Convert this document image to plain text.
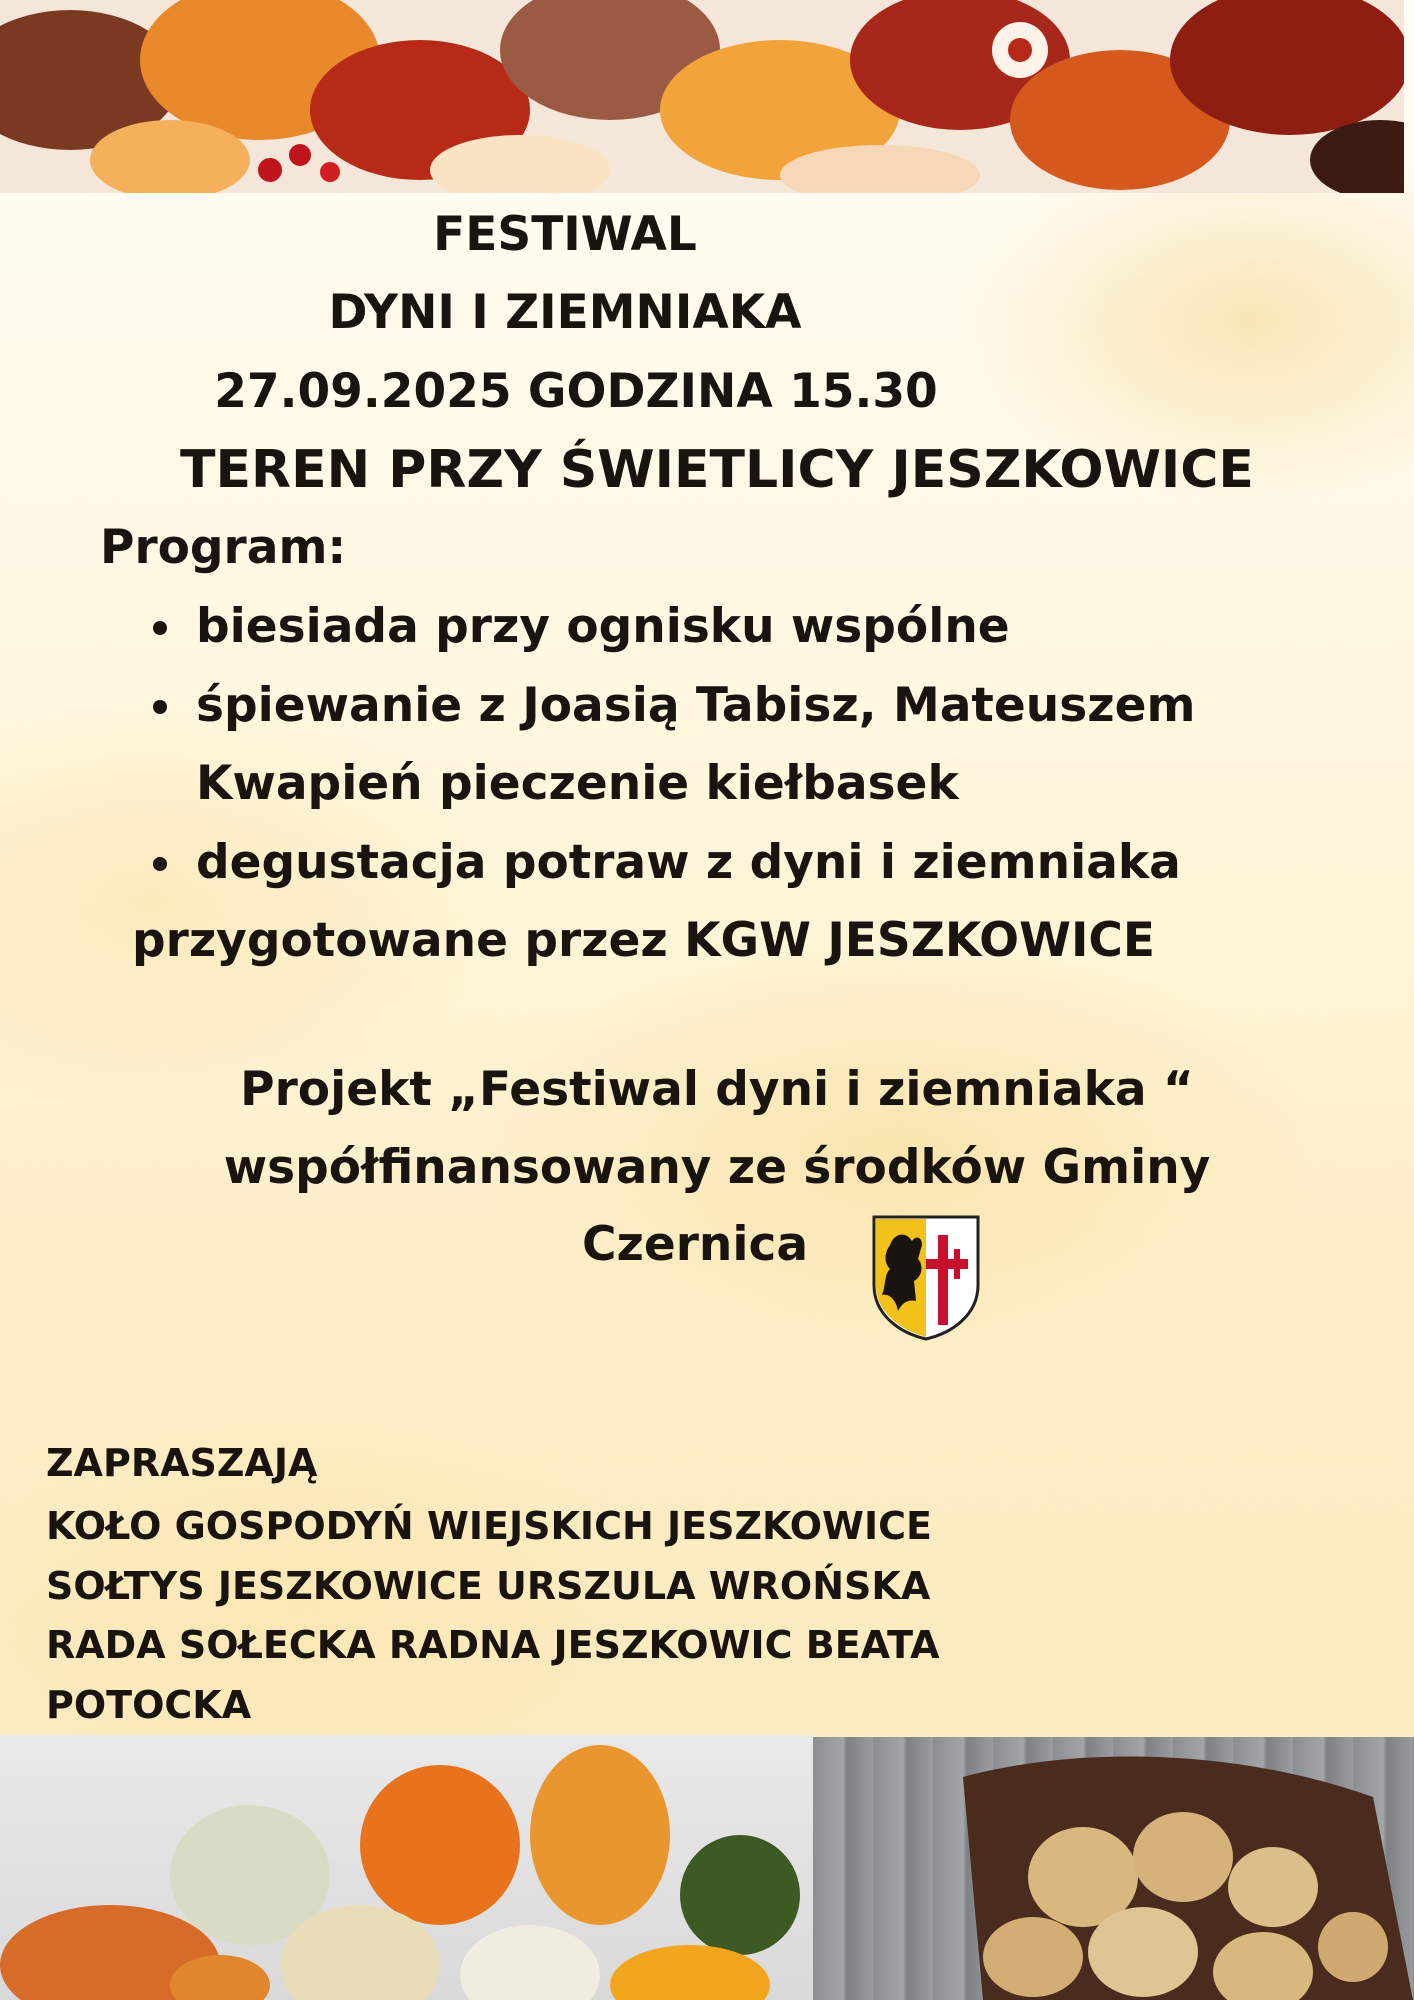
FESTIWAL

DYNI I ZIEMNIAKA

27.09.2025 GODZINA 15.30

TEREN PRZY ŚWIETLICY JESZKOWICE

Program:

biesiada przy ognisku wspólne

śpiewanie z Joasią Tabisz, Mateuszem

Kwapień pieczenie kiełbasek

degustacja potraw z dyni i ziemniaka

przygotowane przez KGW JESZKOWICE

Projekt „Festiwal dyni i ziemniaka “

współfinansowany ze środków Gminy

Czernica

ZAPRASZAJĄ

KOŁO GOSPODYŃ WIEJSKICH JESZKOWICE

SOŁTYS JESZKOWICE URSZULA WROŃSKA

RADA SOŁECKA RADNA JESZKOWIC BEATA

POTOCKA
